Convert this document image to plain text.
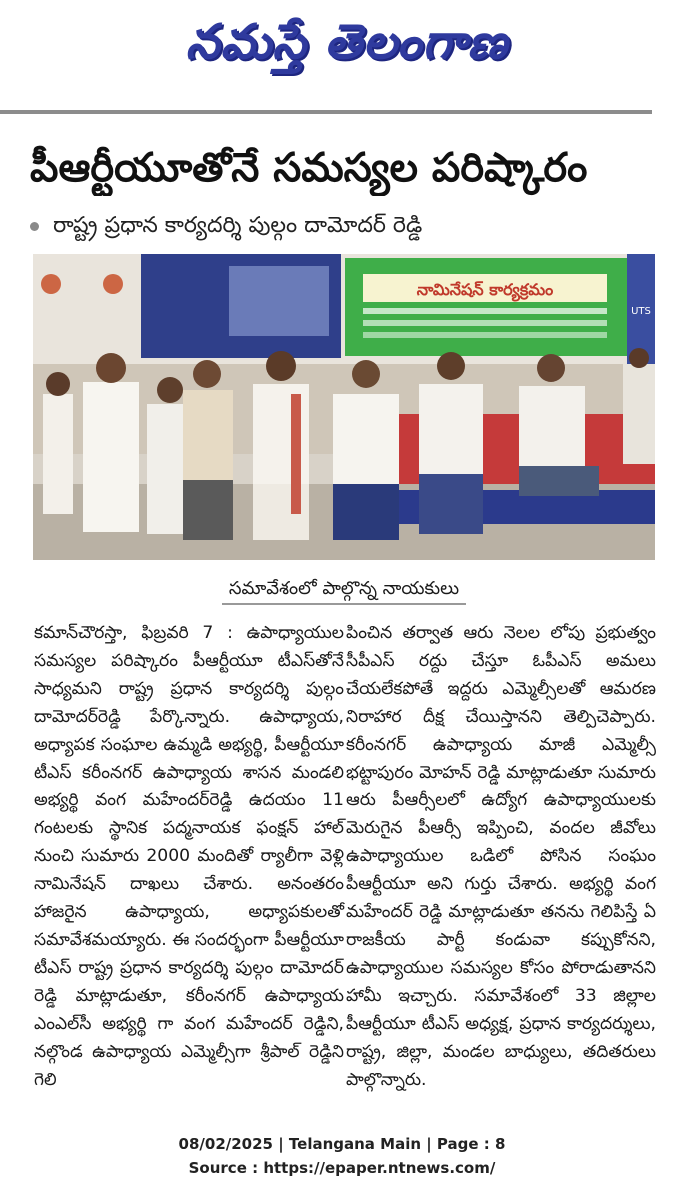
నమస్తే తెలంగాణ
పీఆర్టీయూతోనే సమస్యల పరిష్కారం
రాష్ట్ర ప్రధాన కార్యదర్శి పుల్గం దామోదర్ రెడ్డి
నామినేషన్ కార్యక్రమం
UTS
సమావేశంలో పాల్గొన్న నాయకులు
కమాన్‌చౌరస్తా, ఫిబ్రవరి 7 : ఉపాధ్యాయుల సమస్యల పరిష్కారం పీఆర్టీయూ టీఎస్‌తోనే సాధ్యమని రాష్ట్ర ప్రధాన కార్యదర్శి పుల్గం దామోదర్‌రెడ్డి పేర్కొన్నారు. ఉపాధ్యాయ, అధ్యాపక సంఘాల ఉమ్మడి అభ్యర్థి, పీఆర్టీయూ టీఎస్ కరీంనగర్ ఉపాధ్యాయ శాసన మండలి అభ్యర్థి వంగ మహేందర్‌రెడ్డి ఉదయం 11 గంటలకు స్థానిక పద్మనాయక ఫంక్షన్ హాల్ నుంచి సుమారు 2000 మందితో ర్యాలీగా వెళ్లి నామినేషన్ దాఖలు చేశారు. అనంతరం హాజరైన ఉపాధ్యాయ, అధ్యాపకులతో సమావేశమయ్యారు. ఈ సందర్భంగా పీఆర్టీయూ టీఎస్ రాష్ట్ర ప్రధాన కార్యదర్శి పుల్గం దామోదర్ రెడ్డి మాట్లాడుతూ, కరీంనగర్ ఉపాధ్యాయ ఎంఎల్‌సీ అభ్యర్థి గా వంగ మహేందర్ రెడ్డిని, నల్గొండ ఉపాధ్యాయ ఎమ్మెల్సీగా శ్రీపాల్ రెడ్డిని గెలి
పించిన తర్వాత ఆరు నెలల లోపు ప్రభుత్వం సీపీఎస్ రద్దు చేస్తూ ఓపీఎస్ అమలు చేయలేకపోతే ఇద్దరు ఎమ్మెల్సీలతో ఆమరణ నిరాహార దీక్ష చేయిస్తానని తెల్పిచెప్పారు. కరీంనగర్ ఉపాధ్యాయ మాజీ ఎమ్మెల్సీ భట్టాపురం మోహన్ రెడ్డి మాట్లాడుతూ సుమారు ఆరు పీఆర్సీలలో ఉద్యోగ ఉపాధ్యాయులకు మెరుగైన పీఆర్సీ ఇప్పించి, వందల జీవోలు ఉపాధ్యాయుల ఒడిలో పోసిన సంఘం పీఆర్టీయూ అని గుర్తు చేశారు. అభ్యర్థి వంగ మహేందర్ రెడ్డి మాట్లాడుతూ తనను గెలిపిస్తే ఏ రాజకీయ పార్టీ కండువా కప్పుకోనని, ఉపాధ్యాయుల సమస్యల కోసం పోరాడుతానని హామీ ఇచ్చారు. సమావేశంలో 33 జిల్లాల పీఆర్టీయూ టీఎస్ అధ్యక్ష, ప్రధాన కార్యదర్శులు, రాష్ట్ర, జిల్లా, మండల బాధ్యులు, తదితరులు పాల్గొన్నారు.
08/02/2025 | Telangana Main | Page : 8
Source : https://epaper.ntnews.com/
